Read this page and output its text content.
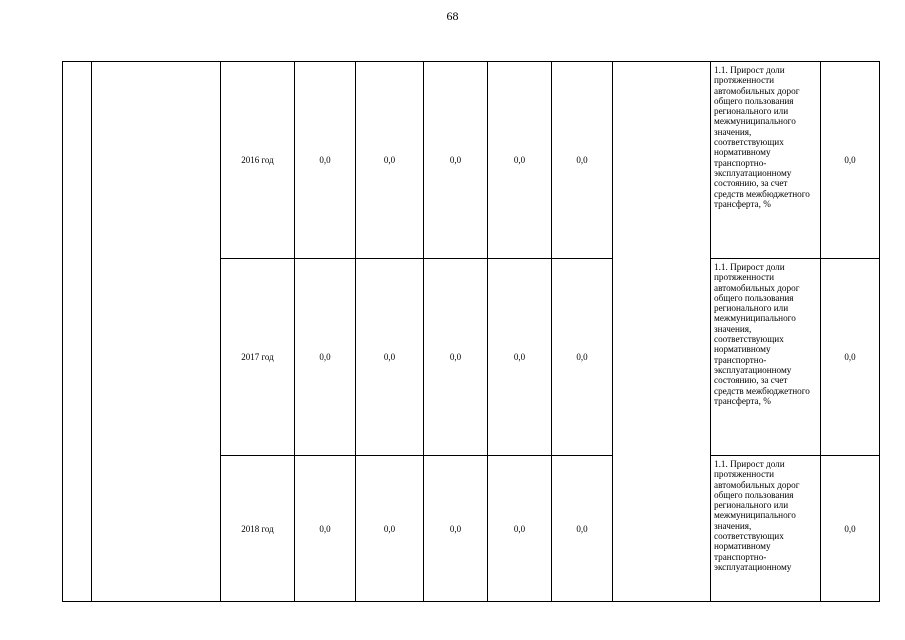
68
		2016 год	0,0	0,0	0,0	0,0	0,0		1.1. Прирост доли протяженности автомобильных дорог общего пользования регионального или межмуниципального значения, соответствующих нормативному транспортно-эксплуатационному состоянию, за счет средств межбюджетного трансферта, %	0,0
		2017 год	0,0	0,0	0,0	0,0	0,0		1.1. Прирост доли протяженности автомобильных дорог общего пользования регионального или межмуниципального значения, соответствующих нормативному транспортно-эксплуатационному состоянию, за счет средств межбюджетного трансферта, %	0,0
		2018 год	0,0	0,0	0,0	0,0	0,0		1.1. Прирост доли протяженности автомобильных дорог общего пользования регионального или межмуниципального значения, соответствующих нормативному транспортно-эксплуатационному	0,0
